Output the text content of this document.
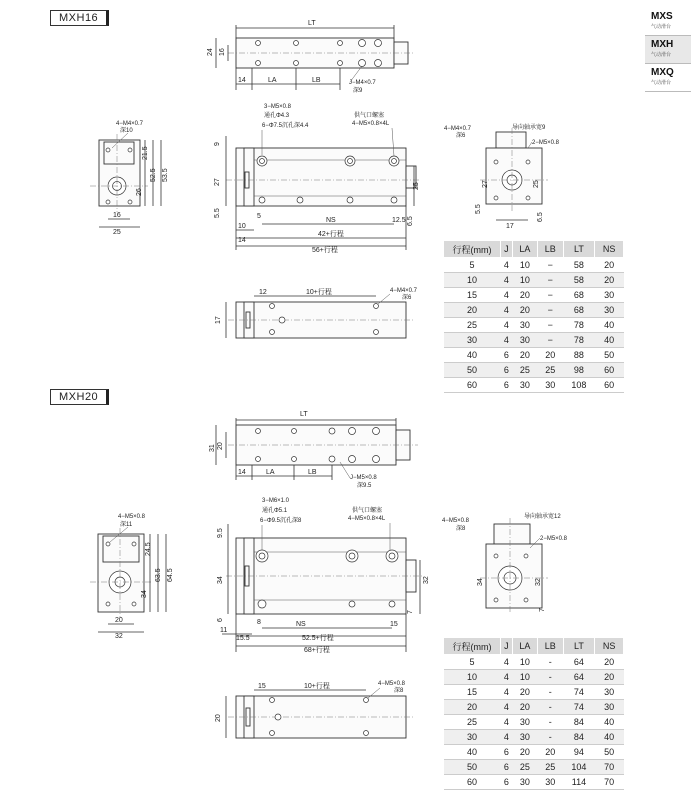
MXS
气动滑台
MXH
气动滑台
MXQ
气动滑台
MXH16
MXH20
LT
24 16
14	LA	LB	J−M4×0.7
深9
4−M4×0.7
深10
21.5
52.5 53.5
26
16
25
3−M5×0.8
通孔Φ4.3
6−Φ7.5沉孔深4.4
供气口螺塞
4−M5×0.8×4L
9
27
5.5
25
5
NS	12.5 6.5
10
14
42+行程
56+行程
4−M4×0.7
深6
导向轴承宽9
2−M5×0.8
27	25
5.5
17
6.5
12	10+行程	4−M4×0.7
深6
17
LT
31 20
14	LA	LB
J−M5×0.8
深9.5
4−M5×0.8
深11
24.5
63.5 64.5
34
20
32
3−M6×1.0
通孔Φ5.1
6−Φ9.5沉孔深8
供气口螺塞
4−M5×0.8×4L
9.5
34
6
32
7
8	NS	15
11
15.5	52.5+行程
68+行程
4−M5×0.8
深8
导向轴承宽12
2−M5×0.8
34	32
7
15	10+行程	4−M5×0.8
深8
20
行程(mm)	J	LA	LB	LT	NS
5	4	10	−	58	20
10	4	10	−	58	20
15	4	20	−	68	30
20	4	20	−	68	30
25	4	30	−	78	40
30	4	30	−	78	40
40	6	20	20	88	50
50	6	25	25	98	60
60	6	30	30	108	60
行程(mm)	J	LA	LB	LT	NS
5	4	10	-	64	20
10	4	10	-	64	20
15	4	20	-	74	30
20	4	20	-	74	30
25	4	30	-	84	40
30	4	30	-	84	40
40	6	20	20	94	50
50	6	25	25	104	70
60	6	30	30	114	70
